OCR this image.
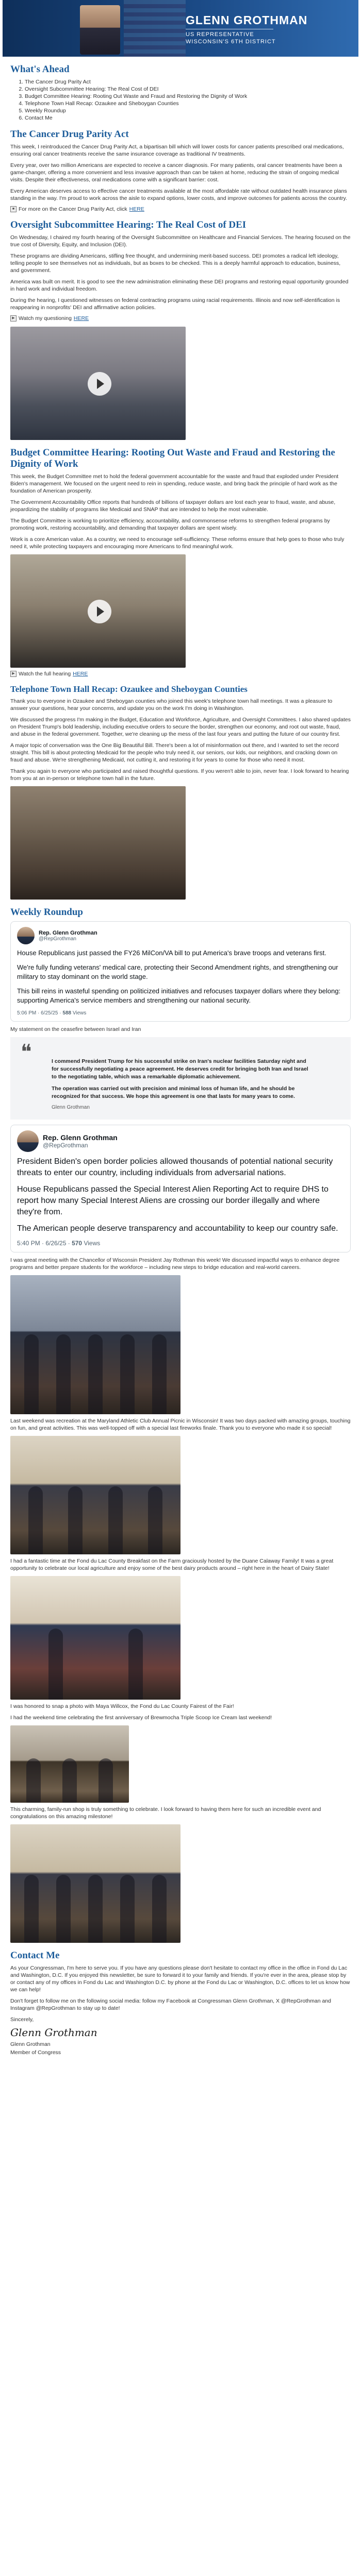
GLENN GROTHMAN
US REPRESENTATIVE
WISCONSIN'S 6TH DISTRICT
What's Ahead
1. The Cancer Drug Parity Act
2. Oversight Subcommittee Hearing: The Real Cost of DEI
3. Budget Committee Hearing: Rooting Out Waste and Fraud and Restoring the Dignity of Work
4. Telephone Town Hall Recap: Ozaukee and Sheboygan Counties
5. Weekly Roundup
6. Contact Me
The Cancer Drug Parity Act

This week, I reintroduced the Cancer Drug Parity Act, a bipartisan bill which will lower costs for cancer patients prescribed oral medications, ensuring oral cancer treatments receive the same insurance coverage as traditional IV treatments.

Every year, over two million Americans are expected to receive a cancer diagnosis. For many patients, oral cancer treatments have been a game-changer, offering a more convenient and less invasive approach than can be taken at home, reducing the strain of ongoing medical visits. Despite their effectiveness, oral medications come with a significant barrier: cost.

Every American deserves access to effective cancer treatments available at the most affordable rate without outdated health insurance plans standing in the way. I'm proud to work across the aisle to expand options, lower costs, and improve outcomes for patients across the country.

■ For more on the Cancer Drug Parity Act, click HERE
Oversight Subcommittee Hearing: The Real Cost of DEI

On Wednesday, I chaired my fourth hearing of the Oversight Subcommittee on Healthcare and Financial Services. The hearing focused on the true cost of Diversity, Equity, and Inclusion (DEI).

These programs are dividing Americans, stifling free thought, and undermining merit-based success. DEI promotes a radical left ideology, telling people to see themselves not as individuals, but as boxes to be checked. This is a deeply harmful approach to education, business, and government.

America was built on merit. It is good to see the new administration eliminating these DEI programs and restoring equal opportunity grounded in hard work and individual freedom.

During the hearing, I questioned witnesses on federal contracting programs using racial requirements. Illinois and now self-identification is reappearing in nonprofits' DEI and affirmative action policies.

▶ Watch my questioning HERE
Budget Committee Hearing: Rooting Out Waste and Fraud and Restoring the Dignity of Work

This week, the Budget Committee met to hold the federal government accountable for the waste and fraud that exploded under President Biden's management. We focused on the urgent need to rein in spending, reduce waste, and bring back the principle of hard work as the foundation of American prosperity.

The Government Accountability Office reports that hundreds of billions of taxpayer dollars are lost each year to fraud, waste, and abuse, jeopardizing the stability of programs like Medicaid and SNAP that are intended to help the most vulnerable.

The Budget Committee is working to prioritize efficiency, accountability, and commonsense reforms to strengthen federal programs by promoting work, restoring accountability, and demanding that taxpayer dollars are spent wisely.

Work is a core American value. As a country, we need to encourage self-sufficiency. These reforms ensure that help goes to those who truly need it, while protecting taxpayers and encouraging more Americans to find meaningful work.

▶ Watch the full hearing HERE
Telephone Town Hall Recap: Ozaukee and Sheboygan Counties

Thank you to everyone in Ozaukee and Sheboygan counties who joined this week's telephone town hall meetings. It was a pleasure to answer your questions, hear your concerns, and update you on the work I'm doing in Washington.

We discussed the progress I'm making in the Budget, Education and Workforce, Agriculture, and Oversight Committees. I also shared updates on President Trump's bold leadership, including executive orders to secure the border, strengthen our economy, and root out waste, fraud, and abuse in the federal government. Together, we're cleaning up the mess of the last four years and putting the future of our country first.

A major topic of conversation was the One Big Beautiful Bill. There's been a lot of misinformation out there, and I wanted to set the record straight. This bill is about protecting Medicaid for the people who truly need it, our seniors, our kids, our neighbors, and cracking down on fraud and abuse. We're strengthening Medicaid, not cutting it, and restoring it for years to come for those who need it most.

Thank you again to everyone who participated and raised thoughtful questions. If you weren't able to join, never fear. I look forward to hearing from you at an in-person or telephone town hall in the future.

Weekly Roundup
Rep. Glenn Grothman
@RepGrothman

House Republicans just passed the FY26 MilCon/VA bill to put America's brave troops and veterans first.

We're fully funding veterans' medical care, protecting their Second Amendment rights, and strengthening our military to stay dominant on the world stage.

This bill reins in wasteful spending on politicized initiatives and refocuses taxpayer dollars where they belong: supporting America's service members and strengthening our national security.

5:06 PM · 6/25/25 · 588 Views

My statement on the ceasefire between Israel and Iran

❝	I commend President Trump for his successful strike on Iran's nuclear facilities Saturday night and for successfully negotiating a peace agreement. He deserves credit for bringing both Iran and Israel to the negotiating table, which was a remarkable diplomatic achievement.

The operation was carried out with precision and minimal loss of human life, and he should be recognized for that success. We hope this agreement is one that lasts for many years to come.

Glenn Grothman
Rep. Glenn Grothman
@RepGrothman

President Biden's open border policies allowed thousands of potential national security threats to enter our country, including individuals from adversarial nations.

House Republicans passed the Special Interest Alien Reporting Act to require DHS to report how many Special Interest Aliens are crossing our border illegally and where they're from.

The American people deserve transparency and accountability to keep our country safe.

5:40 PM · 6/26/25 · 570 Views

I was great meeting with the Chancellor of Wisconsin President Jay Rothman this week! We discussed impactful ways to enhance degree programs and better prepare students for the workforce – including new steps to bridge education and real-world careers.

Last weekend was recreation at the Maryland Athletic Club Annual Picnic in Wisconsin! It was two days packed with amazing groups, touching on fun, and great activities. This was well-topped off with a special last fireworks finale. Thank you to everyone who made it so special!

I had a fantastic time at the Fond du Lac County Breakfast on the Farm graciously hosted by the Duane Calaway Family! It was a great opportunity to celebrate our local agriculture and enjoy some of the best dairy products around – right here in the heart of Dairy State!

I was honored to snap a photo with Maya Willcox, the Fond du Lac County Fairest of the Fair!

I had the weekend time celebrating the first anniversary of Brewmocha Triple Scoop Ice Cream last weekend!

This charming, family-run shop is truly something to celebrate. I look forward to having them here for such an incredible event and congratulations on this amazing milestone!

Contact Me

As your Congressman, I'm here to serve you. If you have any questions please don't hesitate to contact my office in the office in Fond du Lac and Washington, D.C. If you enjoyed this newsletter, be sure to forward it to your family and friends. If you're ever in the area, please stop by or contact any of my offices in Fond du Lac and Washington D.C. by phone at the Fond du Lac or Washington, D.C. offices to let us know how we can help!

Don't forget to follow me on the following social media: follow my Facebook at Congressman Glenn Grothman, X @RepGrothman and Instagram @RepGrothman to stay up to date!

Sincerely,

Glenn Grothman

Glenn Grothman

Member of Congress
